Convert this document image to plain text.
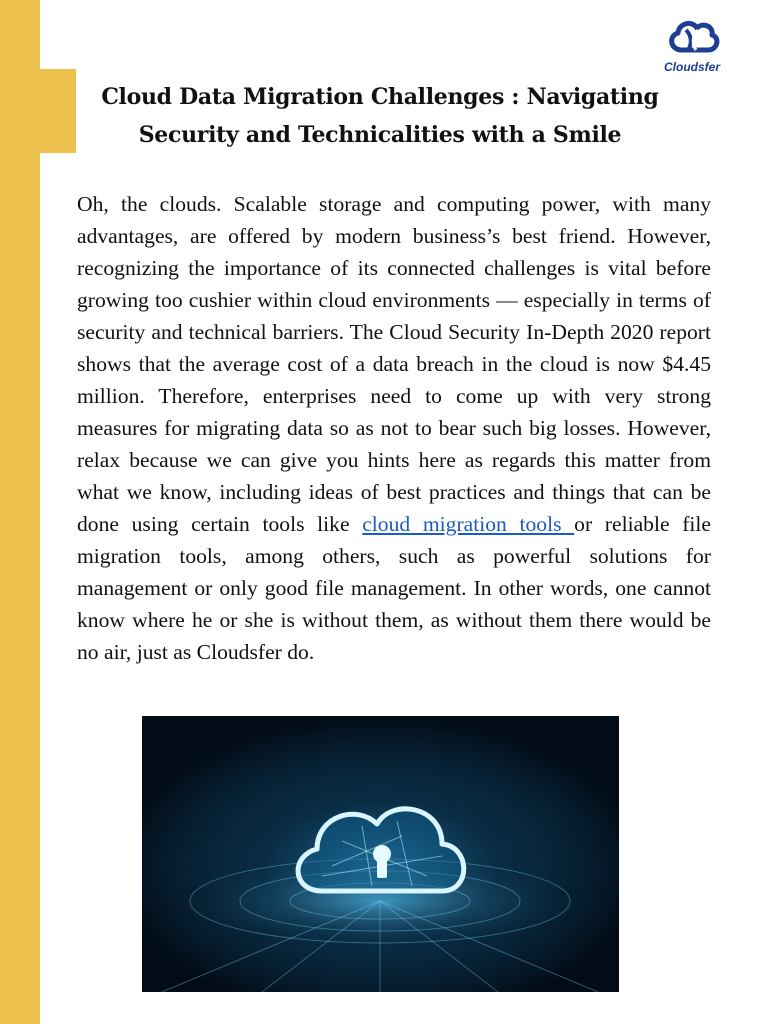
Cloudsfer
Cloud Data Migration Challenges : Navigating
Security and Technicalities with a Smile

Oh, the clouds. Scalable storage and computing power, with many advantages, are offered by modern business’s best friend. However, recognizing the importance of its connected challenges is vital before growing too cushier within cloud environments — especially in terms of security and technical barriers. The Cloud Security In-Depth 2020 report shows that the average cost of a data breach in the cloud is now $4.45 million. Therefore, enterprises need to come up with very strong measures for migrating data so as not to bear such big losses. However, relax because we can give you hints here as regards this matter from what we know, including ideas of best practices and things that can be done using certain tools like cloud migration tools or reliable file migration tools, among others, such as powerful solutions for management or only good file management. In other words, one cannot know where he or she is without them, as without them there would be no air, just as Cloudsfer do.
